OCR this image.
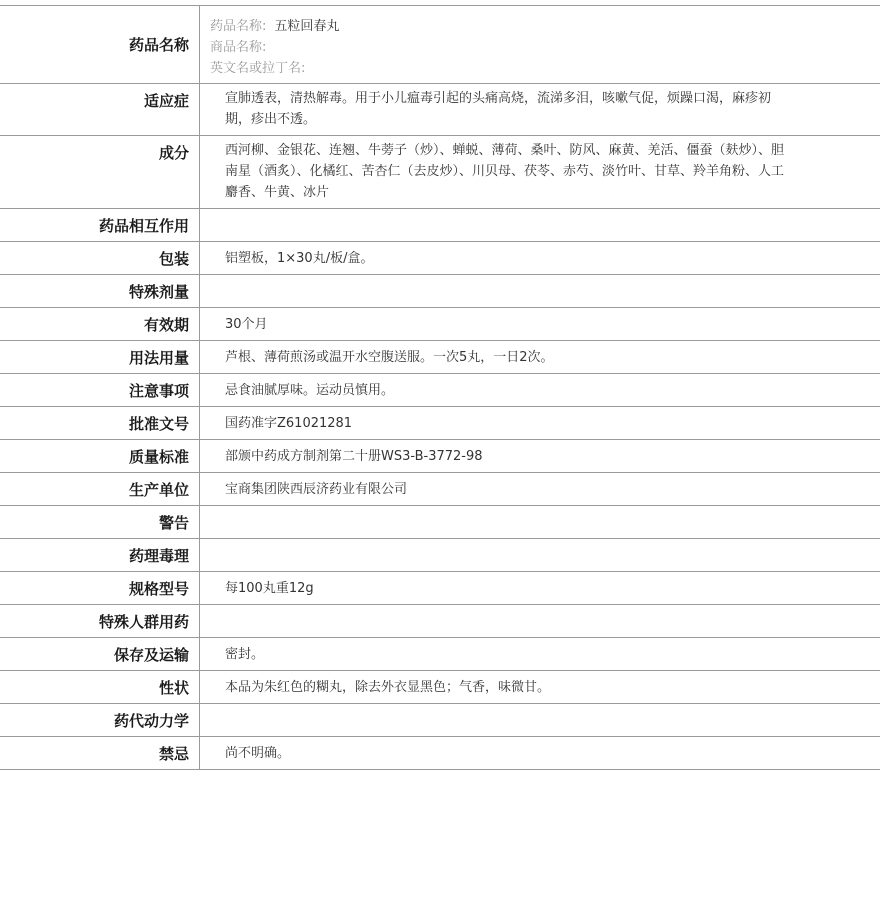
药品名称
药品名称: 五粒回春丸
商品名称:
英文名或拉丁名:
适应症	宣肺透表，清热解毒。用于小儿瘟毒引起的头痛高烧，流涕多泪，咳嗽气促，烦躁口渴，麻疹初期，疹出不透。
成分	西河柳、金银花、连翘、牛蒡子（炒）、蝉蜕、薄荷、桑叶、防风、麻黄、羌活、僵蚕（麸炒）、胆南星（酒炙）、化橘红、苦杏仁（去皮炒）、川贝母、茯苓、赤芍、淡竹叶、甘草、羚羊角粉、人工麝香、牛黄、冰片
药品相互作用
包装	铝塑板，1×30丸/板/盒。
特殊剂量
有效期	30个月
用法用量	芦根、薄荷煎汤或温开水空腹送服。一次5丸，一日2次。
注意事项	忌食油腻厚味。运动员慎用。
批准文号	国药准字Z61021281
质量标准	部颁中药成方制剂第二十册WS3-B-3772-98
生产单位	宝商集团陕西辰济药业有限公司
警告
药理毒理
规格型号	每100丸重12g
特殊人群用药
保存及运输	密封。
性状	本品为朱红色的糊丸，除去外衣显黑色；气香，味微甘。
药代动力学
禁忌	尚不明确。
